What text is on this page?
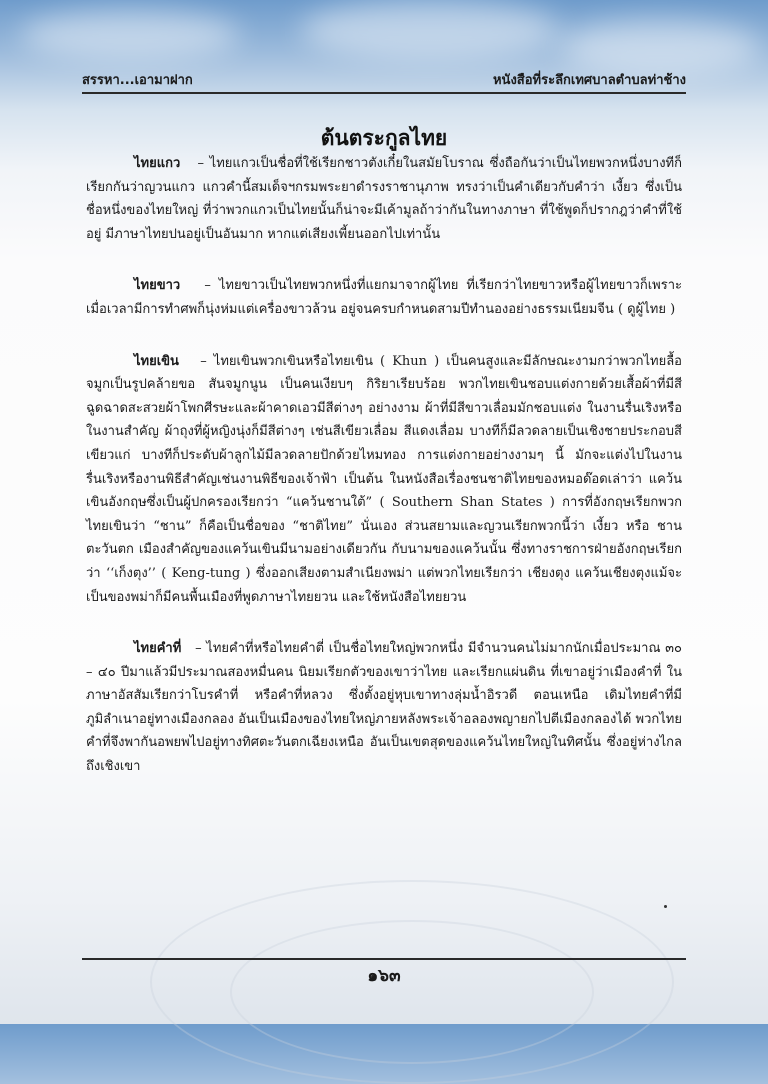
สรรหา...เอามาฝาก	หนังสือที่ระลึกเทศบาลตำบลท่าช้าง
ต้นตระกูลไทย

ไทยแกว – ไทยแกวเป็นชื่อที่ใช้เรียกชาวตังเกี๋ยในสมัยโบราณ ซึ่งถือกันว่าเป็นไทยพวกหนึ่งบางทีก็เรียกกันว่าญวนแกว แกวคำนี้สมเด็จฯกรมพระยาดำรงราชานุภาพ ทรงว่าเป็นคำเดียวกับคำว่า เงี้ยว ซึ่งเป็นชื่อหนึ่งของไทยใหญ่ ที่ว่าพวกแกวเป็นไทยนั้นก็น่าจะมีเค้ามูลถ้าว่ากันในทางภาษา ที่ใช้พูดก็ปรากฎว่าคำที่ใช้อยู่ มีภาษาไทยปนอยู่เป็นอันมาก หากแต่เสียงเพี้ยนออกไปเท่านั้น

ไทยขาว – ไทยขาวเป็นไทยพวกหนึ่งที่แยกมาจากผู้ไทย ที่เรียกว่าไทยขาวหรือผู้ไทยขาวก็เพราะเมื่อเวลามีการทำศพก็นุ่งห่มแต่เครื่องขาวล้วน อยู่จนครบกำหนดสามปีทำนองอย่างธรรมเนียมจีน ( ดูผู้ไทย )

ไทยเขิน – ไทยเขินพวกเขินหรือไทยเขิน ( Khun ) เป็นคนสูงและมีลักษณะงามกว่าพวกไทยลื้อ จมูกเป็นรูปคล้ายขอ สันจมูกนูน เป็นคนเงียบๆ กิริยาเรียบร้อย พวกไทยเขินชอบแต่งกายด้วยเสื้อผ้าที่มีสีฉูดฉาดสะสวยผ้าโพกศีรษะและผ้าคาดเอวมีสีต่างๆ อย่างงาม ผ้าที่มีสีขาวเลื่อมมักชอบแต่ง ในงานรื่นเริงหรือในงานสำคัญ ผ้าถุงที่ผู้หญิงนุ่งก็มีสีต่างๆ เช่นสีเขียวเลื่อม สีแดงเลื่อม บางทีก็มีลวดลายเป็นเชิงชายประกอบสีเขียวแก่ บางทีก็ประดับผ้าลูกไม้มีลวดลายปักด้วยไหมทอง การแต่งกายอย่างงามๆ นี้ มักจะแต่งไปในงานรื่นเริงหรืองานพิธีสำคัญเช่นงานพิธีของเจ้าฟ้า เป็นต้น ในหนังสือเรื่องชนชาติไทยของหมอด๊อดเล่าว่า แคว้นเขินอังกฤษซึ่งเป็นผู้ปกครองเรียกว่า “แคว้นชานใต้” ( Southern Shan States ) การที่อังกฤษเรียกพวกไทยเขินว่า “ชาน” ก็คือเป็นชื่อของ “ชาติไทย” นั่นเอง ส่วนสยามและญวนเรียกพวกนี้ว่า เงี้ยว หรือ ชานตะวันตก เมืองสำคัญของแคว้นเขินมีนามอย่างเดียวกัน กับนามของแคว้นนั้น ซึ่งทางราชการฝ่ายอังกฤษเรียกว่า ‘‘เก็งตุง’’ ( Keng-tung ) ซึ่งออกเสียงตามสำเนียงพม่า แต่พวกไทยเรียกว่า เชียงตุง แคว้นเชียงตุงแม้จะเป็นของพม่าก็มีคนพื้นเมืองที่พูดภาษาไทยยวน และใช้หนังสือไทยยวน

ไทยคำที่ – ไทยคำที่หรือไทยคำตี่ เป็นชื่อไทยใหญ่พวกหนึ่ง มีจำนวนคนไม่มากนักเมื่อประมาณ ๓๐ – ๔๐ ปีมาแล้วมีประมาณสองหมื่นคน นิยมเรียกตัวของเขาว่าไทย และเรียกแผ่นดิน ที่เขาอยู่ว่าเมืองคำที่ ในภาษาอัสสัมเรียกว่าโบรคำที่ หรือคำที่หลวง ซึ่งตั้งอยู่หุบเขาทางลุ่มน้ำอิรวดี ตอนเหนือ เดิมไทยคำที่มีภูมิลำเนาอยู่ทางเมืองกลอง อันเป็นเมืองของไทยใหญ่ภายหลังพระเจ้าอลองพญายกไปตีเมืองกลองได้ พวกไทยคำที่จึงพากันอพยพไปอยู่ทางทิศตะวันตกเฉียงเหนือ อันเป็นเขตสุดของแคว้นไทยใหญ่ในทิศนั้น ซึ่งอยู่ห่างไกลถึงเชิงเขา

๑๖๓
